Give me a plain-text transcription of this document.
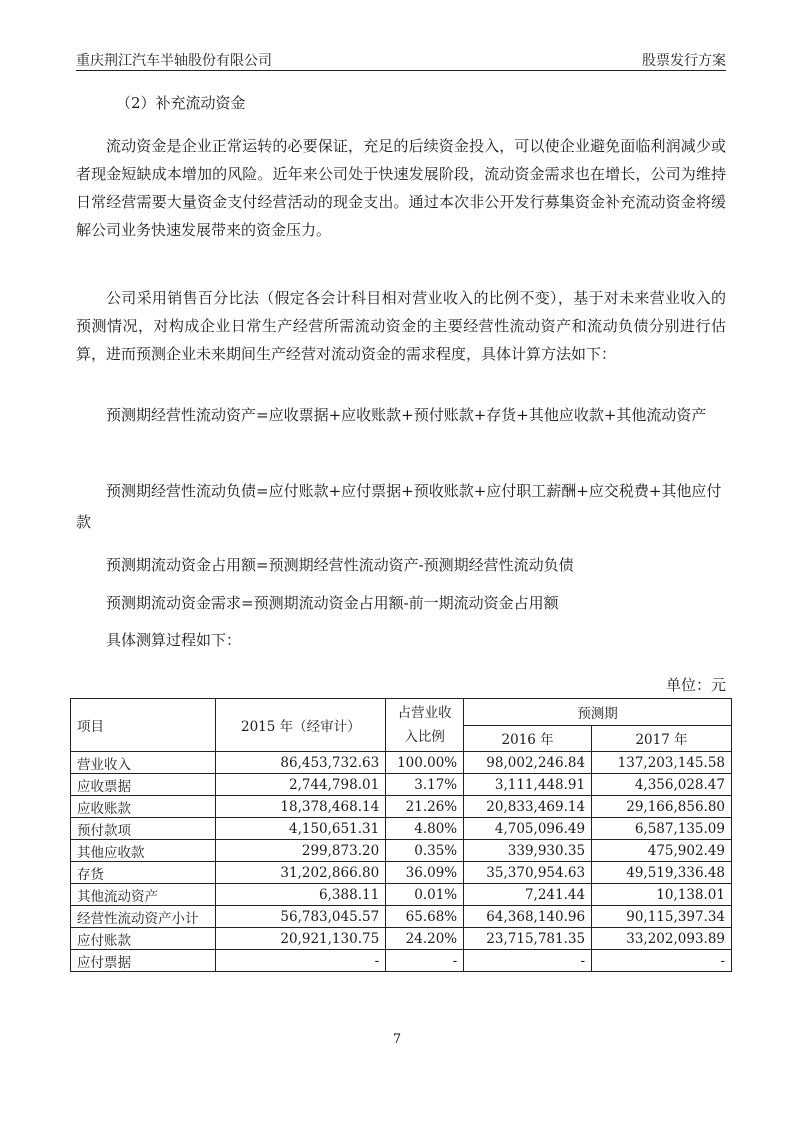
重庆荆江汽车半轴股份有限公司	股票发行方案
（2）补充流动资金
流动资金是企业正常运转的必要保证，充足的后续资金投入，可以使企业避免面临利润减少或者现金短缺成本增加的风险。近年来公司处于快速发展阶段，流动资金需求也在增长，公司为维持日常经营需要大量资金支付经营活动的现金支出。通过本次非公开发行募集资金补充流动资金将缓解公司业务快速发展带来的资金压力。
公司采用销售百分比法（假定各会计科目相对营业收入的比例不变），基于对未来营业收入的预测情况，对构成企业日常生产经营所需流动资金的主要经营性流动资产和流动负债分别进行估算，进而预测企业未来期间生产经营对流动资金的需求程度，具体计算方法如下：
预测期经营性流动资产=应收票据+应收账款+预付账款+存货+其他应收款+其他流动资产
预测期经营性流动负债=应付账款+应付票据+预收账款+应付职工薪酬+应交税费+其他应付款
预测期流动资金占用额=预测期经营性流动资产-预测期经营性流动负债
预测期流动资金需求=预测期流动资金占用额-前一期流动资金占用额
具体测算过程如下：
单位：元
项目	2015 年（经审计）	占营业收入比例	预测期	
			2016 年	2017 年
营业收入	86,453,732.63	100.00%	98,002,246.84	137,203,145.58
应收票据	2,744,798.01	3.17%	3,111,448.91	4,356,028.47
应收账款	18,378,468.14	21.26%	20,833,469.14	29,166,856.80
预付款项	4,150,651.31	4.80%	4,705,096.49	6,587,135.09
其他应收款	299,873.20	0.35%	339,930.35	475,902.49
存货	31,202,866.80	36.09%	35,370,954.63	49,519,336.48
其他流动资产	6,388.11	0.01%	7,241.44	10,138.01
经营性流动资产小计	56,783,045.57	65.68%	64,368,140.96	90,115,397.34
应付账款	20,921,130.75	24.20%	23,715,781.35	33,202,093.89
应付票据	-	-	-	-
7
